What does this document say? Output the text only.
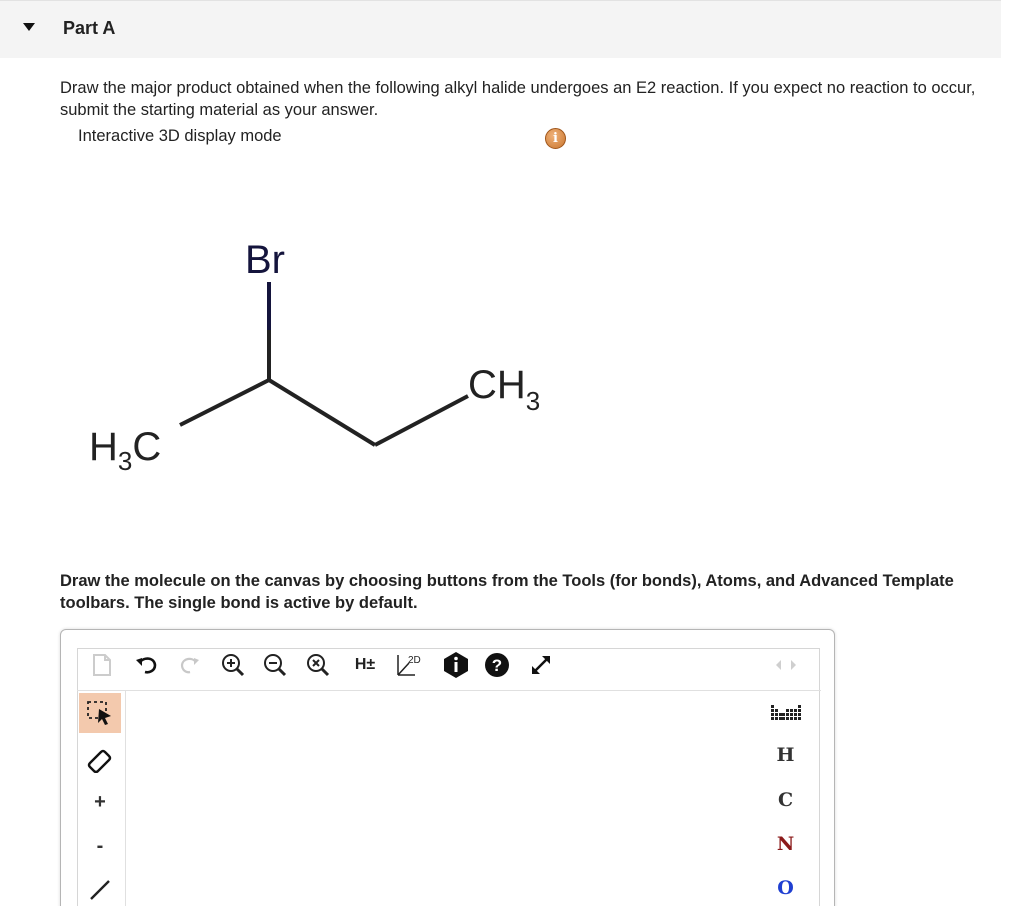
Part A
Draw the major product obtained when the following alkyl halide undergoes an E2 reaction. If you expect no reaction to occur, submit the starting material as your answer.
Interactive 3D display mode	i
Br
$H_3C$
$CH_3$
Draw the molecule on the canvas by choosing buttons from the Tools (for bonds), Atoms, and Advanced Template toolbars. The single bond is active by default.
H±	2D	?
+
-
H
C
N
O
